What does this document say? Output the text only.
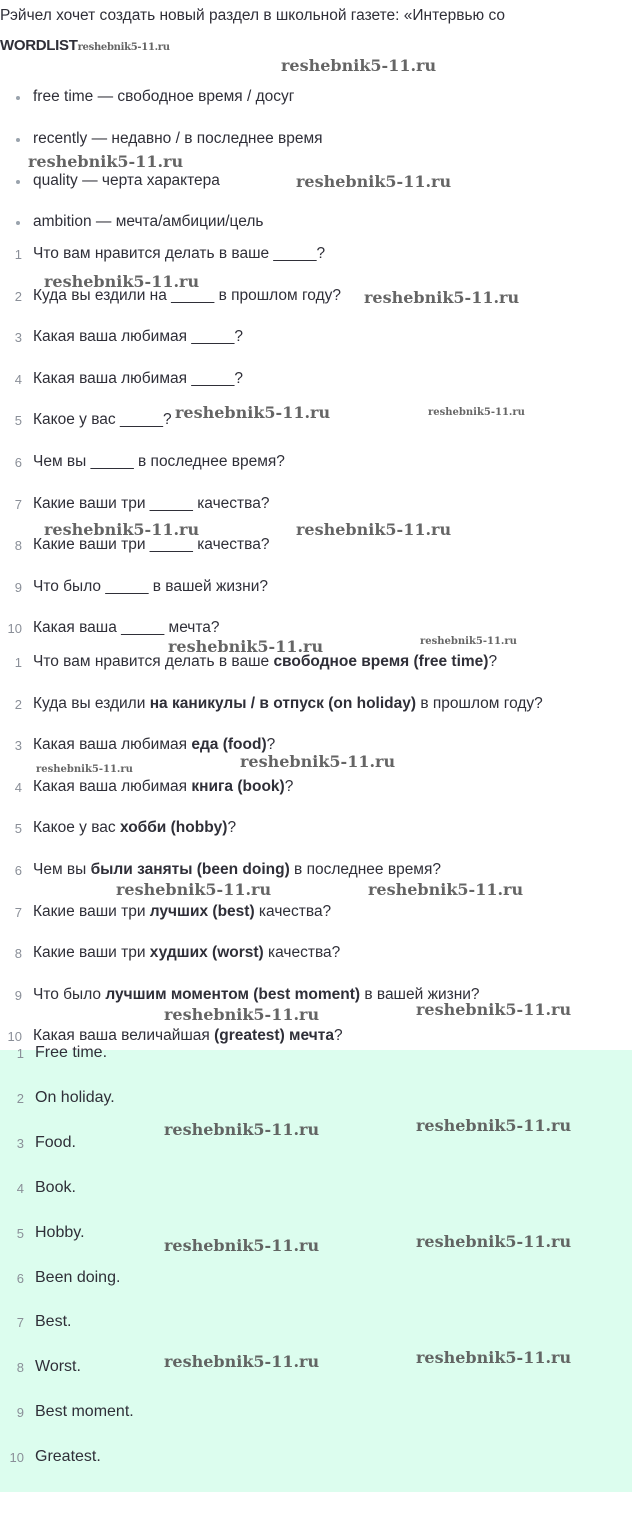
Рэйчел хочет создать новый раздел в школьной газете: «Интервью со
WORDLISTreshebnik5-11.ru
free time — свободное время / досуг
recently — недавно / в последнее время
quality — черта характера
ambition — мечта/амбиции/цель
1 Что вам нравится делать в ваше _____?
2 Куда вы ездили на _____ в прошлом году?
3 Какая ваша любимая _____?
4 Какая ваша любимая _____?
5 Какое у вас _____?
6 Чем вы _____ в последнее время?
7 Какие ваши три _____ качества?
8 Какие ваши три _____ качества?
9 Что было _____ в вашей жизни?
10 Какая ваша _____ мечта?
1 Что вам нравится делать в ваше свободное время (free time)?
2 Куда вы ездили на каникулы / в отпуск (on holiday) в прошлом году?
3 Какая ваша любимая еда (food)?
4 Какая ваша любимая книга (book)?
5 Какое у вас хобби (hobby)?
6 Чем вы были заняты (been doing) в последнее время?
7 Какие ваши три лучших (best) качества?
8 Какие ваши три худших (worst) качества?
9 Что было лучшим моментом (best moment) в вашей жизни?
10 Какая ваша величайшая (greatest) мечта?
1 Free time.
2 On holiday.
3 Food.
4 Book.
5 Hobby.
6 Been doing.
7 Best.
8 Worst.
9 Best moment.
10 Greatest.
reshebnik5-11.ru
reshebnik5-11.ru
reshebnik5-11.ru
reshebnik5-11.ru
reshebnik5-11.ru
reshebnik5-11.ru	reshebnik5-11.ru
reshebnik5-11.ru	reshebnik5-11.ru
reshebnik5-11.ru	reshebnik5-11.ru
reshebnik5-11.ru
reshebnik5-11.ru
reshebnik5-11.ru	reshebnik5-11.ru
reshebnik5-11.ru	reshebnik5-11.ru
reshebnik5-11.ru	reshebnik5-11.ru
reshebnik5-11.ru	reshebnik5-11.ru
reshebnik5-11.ru	reshebnik5-11.ru
